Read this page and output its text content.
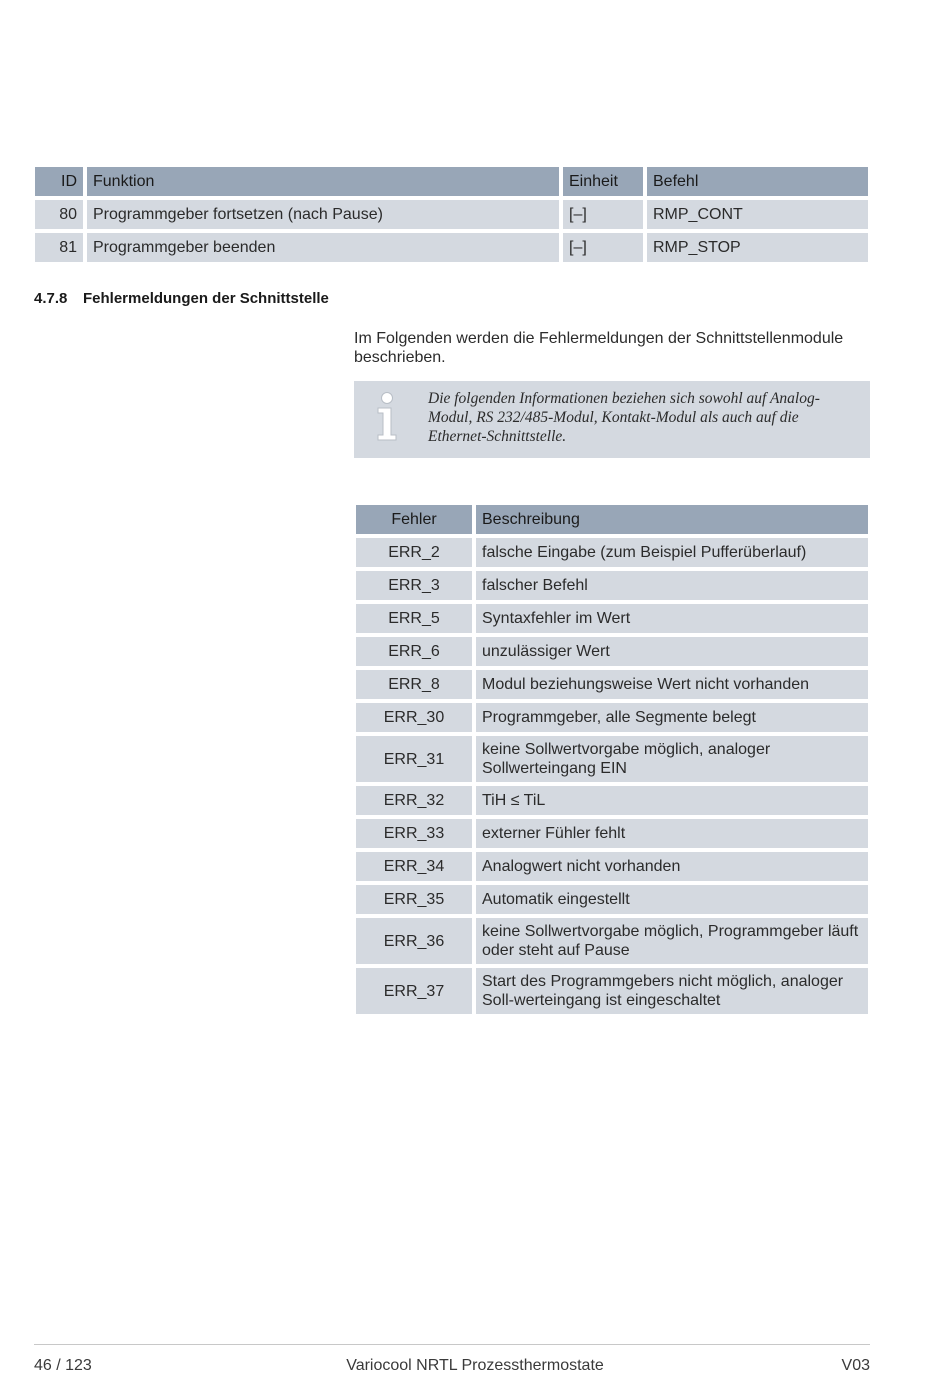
ID	Funktion	Einheit	Befehl
80	Programmgeber fortsetzen (nach Pause)	[–]	RMP_CONT
81	Programmgeber beenden	[–]	RMP_STOP
4.7.8 Fehlermeldungen der Schnittstelle
Im Folgenden werden die Fehlermeldungen der Schnittstellenmodule beschrieben.
Die folgenden Informationen beziehen sich sowohl auf Analog-Modul, RS 232/485-Modul, Kontakt-Modul als auch auf die Ethernet-Schnittstelle.
Fehler	Beschreibung
ERR_2	falsche Eingabe (zum Beispiel Pufferüberlauf)
ERR_3	falscher Befehl
ERR_5	Syntaxfehler im Wert
ERR_6	unzulässiger Wert
ERR_8	Modul beziehungsweise Wert nicht vorhanden
ERR_30	Programmgeber, alle Segmente belegt
ERR_31	keine Sollwertvorgabe möglich, analoger Sollwerteingang EIN
ERR_32	TiH ≤ TiL
ERR_33	externer Fühler fehlt
ERR_34	Analogwert nicht vorhanden
ERR_35	Automatik eingestellt
ERR_36	keine Sollwertvorgabe möglich, Programmgeber läuft oder steht auf Pause
ERR_37	Start des Programmgebers nicht möglich, analoger Soll-werteingang ist eingeschaltet
46 / 123	Variocool NRTL Prozessthermostate	V03
